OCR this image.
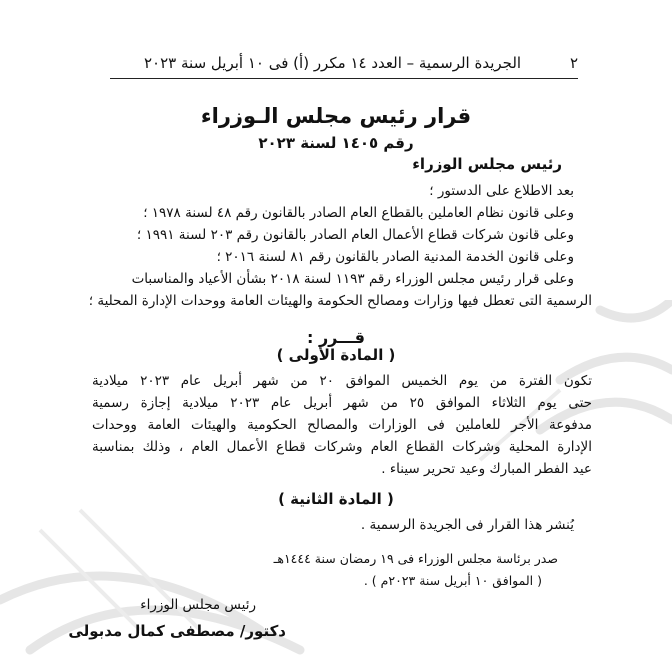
٢
الجريدة الرسمية – العدد ١٤ مكرر (أ) فى ١٠ أبريل سنة ٢٠٢٣
قرار رئيس مجلس الـوزراء
رقم ١٤٠٥ لسنة ٢٠٢٣
رئيس مجلس الوزراء
بعد الاطلاع على الدستور ؛
وعلى قانون نظام العاملين بالقطاع العام الصادر بالقانون رقم ٤٨ لسنة ١٩٧٨ ؛
وعلى قانون شركات قطاع الأعمال العام الصادر بالقانون رقم ٢٠٣ لسنة ١٩٩١ ؛
وعلى قانون الخدمة المدنية الصادر بالقانون رقم ٨١ لسنة ٢٠١٦ ؛
وعلى قرار رئيس مجلس الوزراء رقم ١١٩٣ لسنة ٢٠١٨ بشأن الأعياد والمناسبات
الرسمية التى تعطل فيها وزارات ومصالح الحكومة والهيئات العامة ووحدات الإدارة المحلية ؛
قـــرر :
( المادة الأولى )
تكون الفترة من يوم الخميس الموافق ٢٠ من شهر أبريل عام ٢٠٢٣ ميلادية
حتى يوم الثلاثاء الموافق ٢٥ من شهر أبريل عام ٢٠٢٣ ميلادية إجازة رسمية
مدفوعة الأجر للعاملين فى الوزارات والمصالح الحكومية والهيئات العامة ووحدات
الإدارة المحلية وشركات القطاع العام وشركات قطاع الأعمال العام ، وذلك بمناسبة
عيد الفطر المبارك وعيد تحرير سيناء .
( المادة الثانية )
يُنشر هذا القرار فى الجريدة الرسمية .
صدر برئاسة مجلس الوزراء فى ١٩ رمضان سنة ١٤٤٤هـ
( الموافق ١٠ أبريل سنة ٢٠٢٣م ) .
رئيس مجلس الوزراء
دكتور/ مصطفى كمال مدبولى
